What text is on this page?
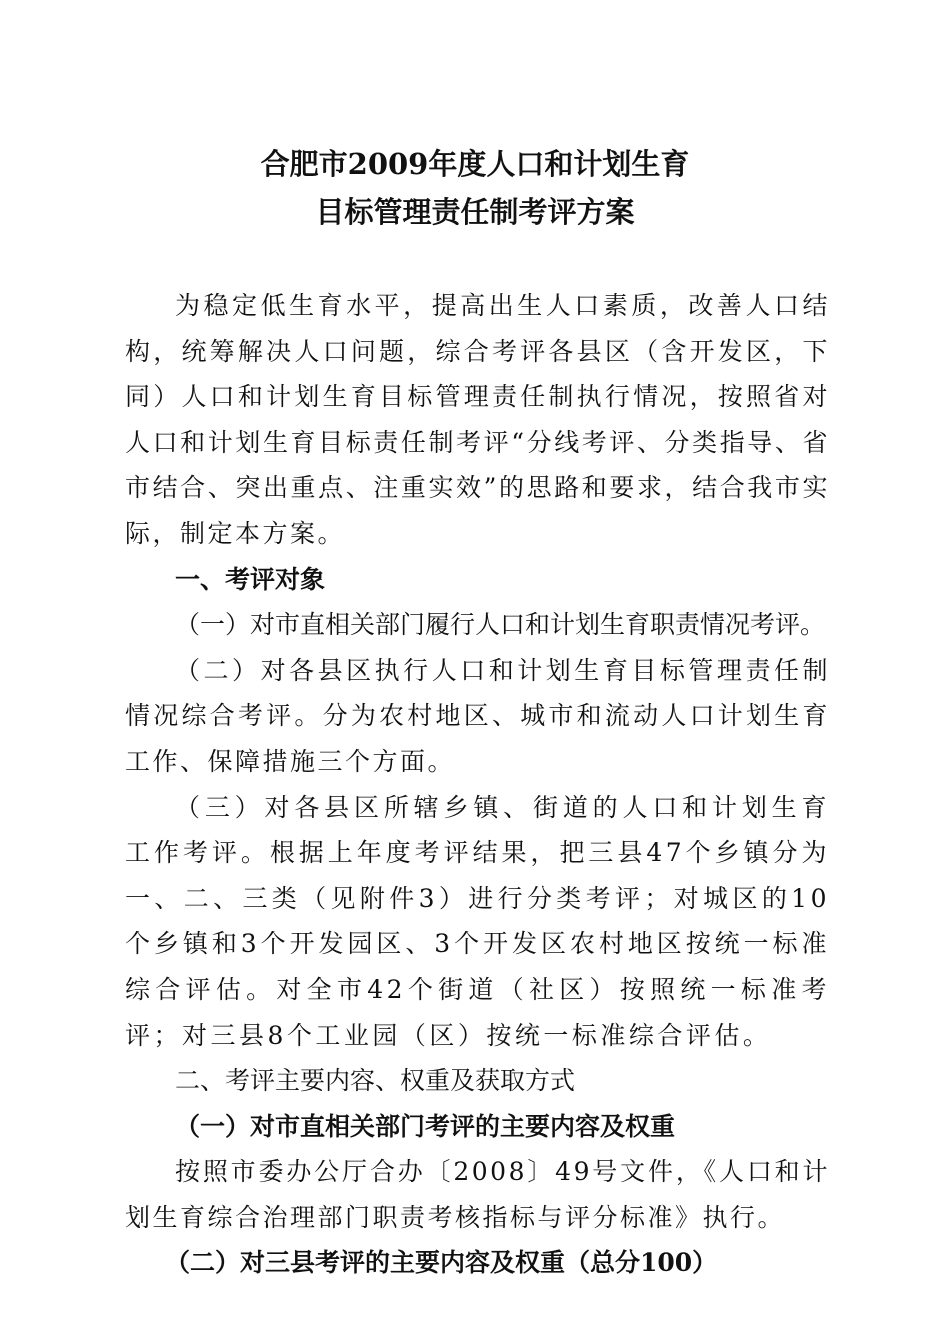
合肥市2009年度人口和计划生育
目标管理责任制考评方案

为稳定低生育水平，提高出生人口素质，改善人口结构，统筹解决人口问题，综合考评各县区（含开发区，下同）人口和计划生育目标管理责任制执行情况，按照省对人口和计划生育目标责任制考评“分线考评、分类指导、省市结合、突出重点、注重实效”的思路和要求，结合我市实际，制定本方案。

一、考评对象

（一）对市直相关部门履行人口和计划生育职责情况考评。

（二）对各县区执行人口和计划生育目标管理责任制情况综合考评。分为农村地区、城市和流动人口计划生育工作、保障措施三个方面。

（三）对各县区所辖乡镇、街道的人口和计划生育工作考评。根据上年度考评结果，把三县47个乡镇分为一、二、三类（见附件3）进行分类考评；对城区的10个乡镇和3个开发园区、3个开发区农村地区按统一标准综合评估。对全市42个街道（社区）按照统一标准考评；对三县8个工业园（区）按统一标准综合评估。

二、考评主要内容、权重及获取方式

（一）对市直相关部门考评的主要内容及权重

按照市委办公厅合办〔2008〕49号文件，《人口和计划生育综合治理部门职责考核指标与评分标准》执行。

（二）对三县考评的主要内容及权重（总分100）
